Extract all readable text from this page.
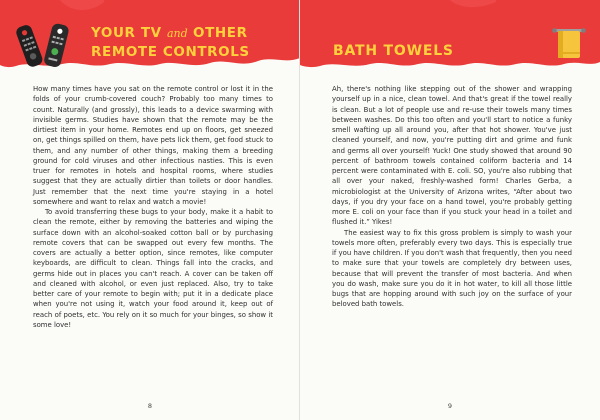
YOUR TV and OTHER
REMOTE CONTROLS

How many times have you sat on the remote control or lost it in the folds of your crumb-covered couch? Probably too many times to count. Naturally (and grossly), this leads to a device swarming with invisible germs. Studies have shown that the remote may be the dirtiest item in your home. Remotes end up on floors, get sneezed on, get things spilled on them, have pets lick them, get food stuck to them, and any number of other things, making them a breeding ground for cold viruses and other infectious nasties. This is even truer for remotes in hotels and hospital rooms, where studies suggest that they are actually dirtier than toilets or door handles. Just remember that the next time you're staying in a hotel somewhere and want to relax and watch a movie!

To avoid transferring these bugs to your body, make it a habit to clean the remote, either by removing the batteries and wiping the surface down with an alcohol-soaked cotton ball or by purchasing remote covers that can be swapped out every few months. The covers are actually a better option, since remotes, like computer keyboards, are difficult to clean. Things fall into the cracks, and germs hide out in places you can't reach. A cover can be taken off and cleaned with alcohol, or even just replaced. Also, try to take better care of your remote to begin with; put it in a dedicate place when you're not using it, watch your food around it, keep out of reach of poets, etc. You rely on it so much for your binges, so show it some love!

8
BATH TOWELS

Ah, there's nothing like stepping out of the shower and wrapping yourself up in a nice, clean towel. And that's great if the towel really is clean. But a lot of people use and re-use their towels many times between washes. Do this too often and you'll start to notice a funky smell wafting up all around you, after that hot shower. You've just cleaned yourself, and now, you're putting dirt and grime and funk and germs all over yourself! Yuck! One study showed that around 90 percent of bathroom towels contained coliform bacteria and 14 percent were contaminated with E. coli. SO, you're also rubbing that all over your naked, freshly-washed form! Charles Gerba, a microbiologist at the University of Arizona writes, “After about two days, if you dry your face on a hand towel, you're probably getting more E. coli on your face than if you stuck your head in a toilet and flushed it.” Yikes!

The easiest way to fix this gross problem is simply to wash your towels more often, preferably every two days. This is especially true if you have children. If you don't wash that frequently, then you need to make sure that your towels are completely dry between uses, because that will prevent the transfer of most bacteria. And when you do wash, make sure you do it in hot water, to kill all those little bugs that are hopping around with such joy on the surface of your beloved bath towels.

9
